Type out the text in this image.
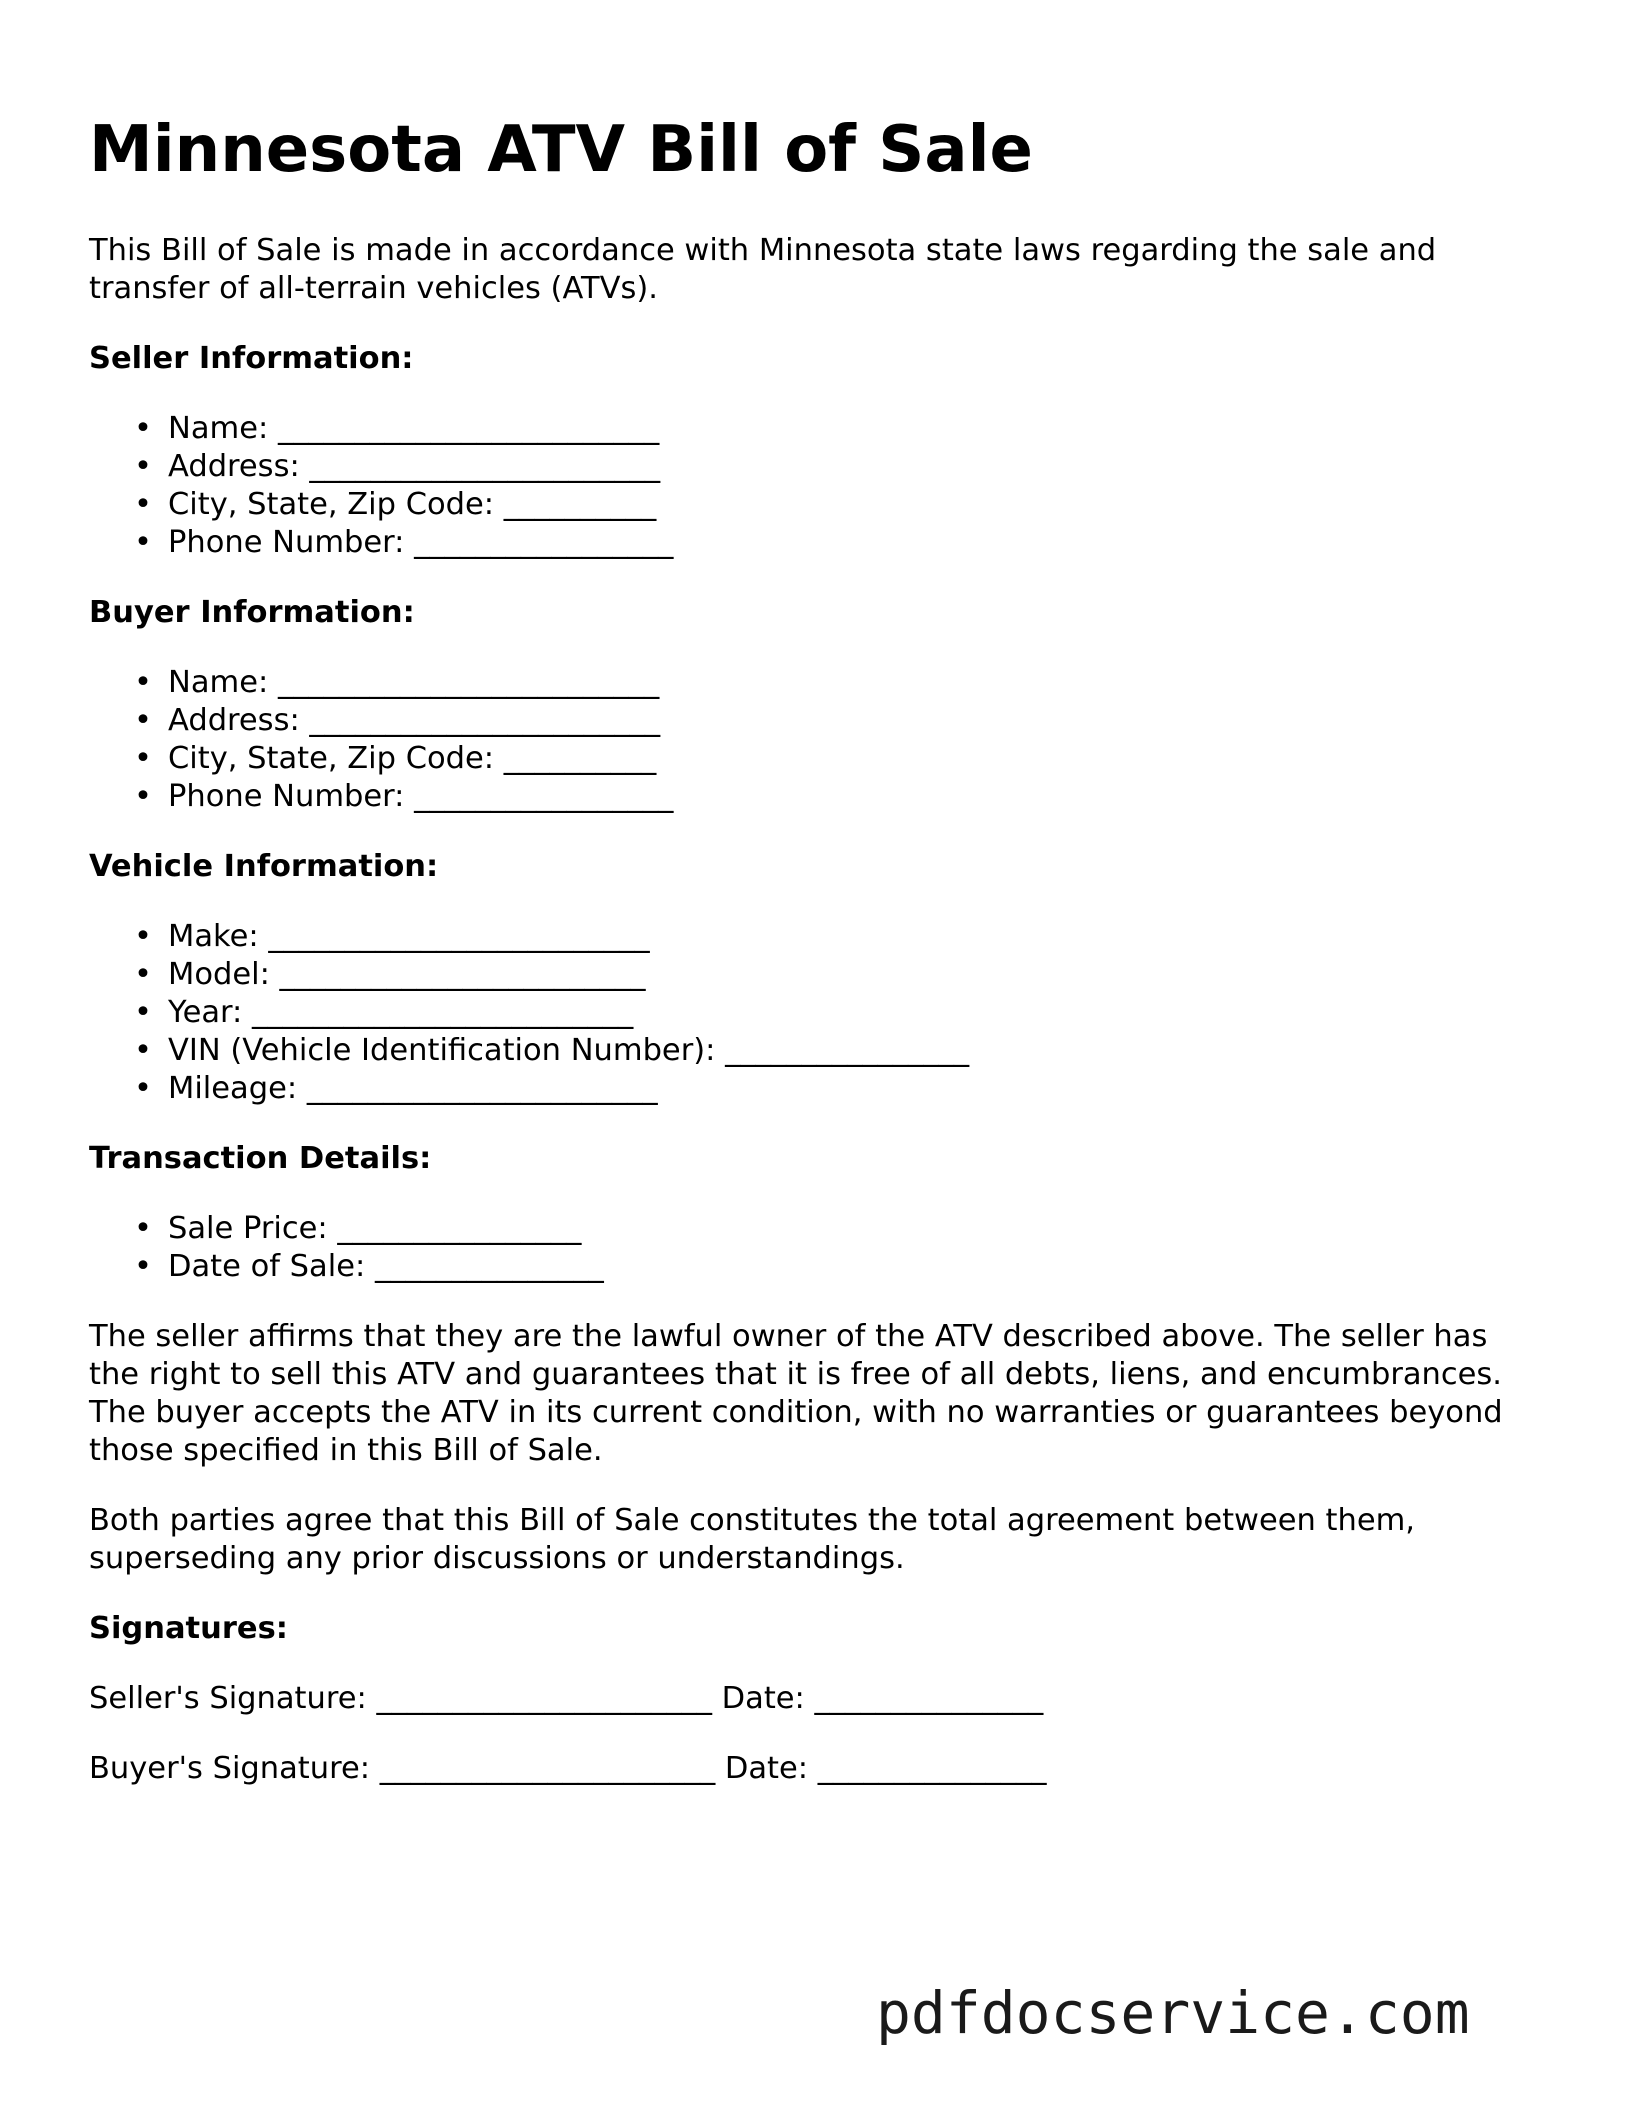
Minnesota ATV Bill of Sale

This Bill of Sale is made in accordance with Minnesota state laws regarding the sale and transfer of all-terrain vehicles (ATVs).

Seller Information:
• Name: _________________________
• Address: _______________________
• City, State, Zip Code: __________
• Phone Number: _________________
Buyer Information:
• Name: _________________________
• Address: _______________________
• City, State, Zip Code: __________
• Phone Number: _________________
Vehicle Information:
• Make: _________________________
• Model: ________________________
• Year: _________________________
• VIN (Vehicle Identification Number): ________________
• Mileage: _______________________
Transaction Details:
• Sale Price: ________________
• Date of Sale: _______________

The seller affirms that they are the lawful owner of the ATV described above. The seller has the right to sell this ATV and guarantees that it is free of all debts, liens, and encumbrances. The buyer accepts the ATV in its current condition, with no warranties or guarantees beyond those specified in this Bill of Sale.

Both parties agree that this Bill of Sale constitutes the total agreement between them, superseding any prior discussions or understandings.

Signatures:
Seller's Signature: ______________________ Date: _______________
Buyer's Signature: ______________________ Date: _______________
pdfdocservice.com
